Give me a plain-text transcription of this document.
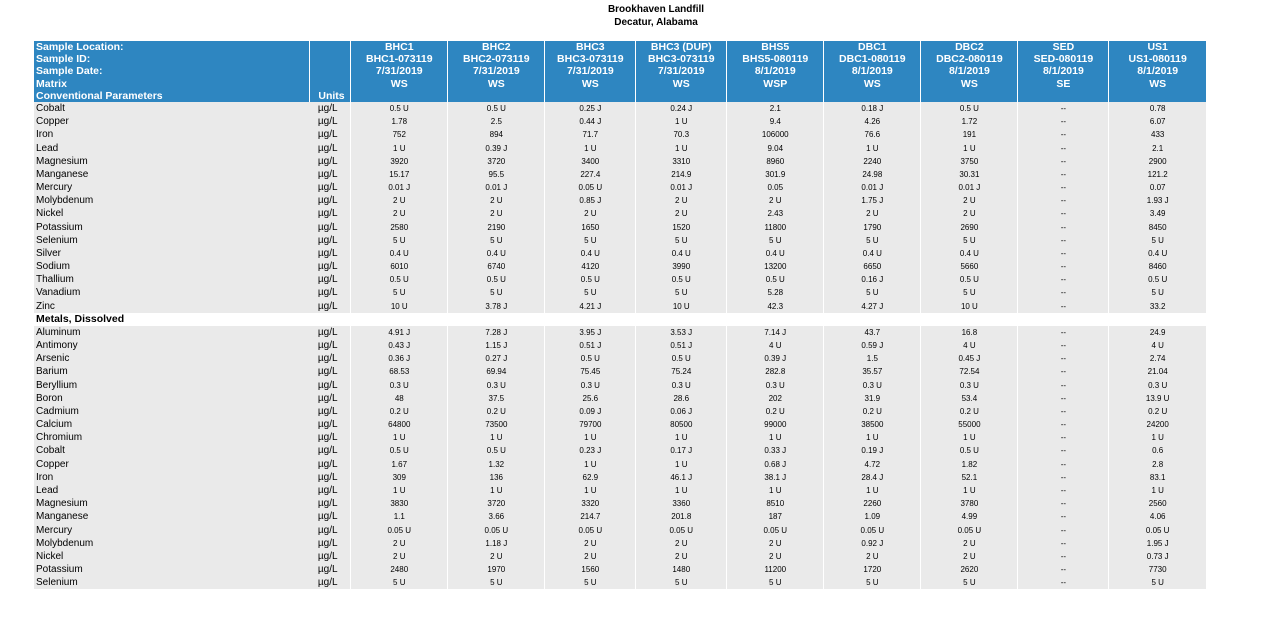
Brookhaven Landfill
Decatur, Alabama
Sample Location:		BHC1	BHC2	BHC3	BHC3 (DUP)	BHS5	DBC1	DBC2	SED	US1
Sample ID:		BHC1-073119	BHC2-073119	BHC3-073119	BHC3-073119	BHS5-080119	DBC1-080119	DBC2-080119	SED-080119	US1-080119
Sample Date:		7/31/2019	7/31/2019	7/31/2019	7/31/2019	8/1/2019	8/1/2019	8/1/2019	8/1/2019	8/1/2019
Matrix		WS	WS	WS	WS	WSP	WS	WS	SE	WS
Conventional Parameters	Units									
Cobalt	µg/L	0.5 U	0.5 U	0.25 J	0.24 J	2.1	0.18 J	0.5 U	--	0.78
Copper	µg/L	1.78	2.5	0.44 J	1 U	9.4	4.26	1.72	--	6.07
Iron	µg/L	752	894	71.7	70.3	106000	76.6	191	--	433
Lead	µg/L	1 U	0.39 J	1 U	1 U	9.04	1 U	1 U	--	2.1
Magnesium	µg/L	3920	3720	3400	3310	8960	2240	3750	--	2900
Manganese	µg/L	15.17	95.5	227.4	214.9	301.9	24.98	30.31	--	121.2
Mercury	µg/L	0.01 J	0.01 J	0.05 U	0.01 J	0.05	0.01 J	0.01 J	--	0.07
Molybdenum	µg/L	2 U	2 U	0.85 J	2 U	2 U	1.75 J	2 U	--	1.93 J
Nickel	µg/L	2 U	2 U	2 U	2 U	2.43	2 U	2 U	--	3.49
Potassium	µg/L	2580	2190	1650	1520	11800	1790	2690	--	8450
Selenium	µg/L	5 U	5 U	5 U	5 U	5 U	5 U	5 U	--	5 U
Silver	µg/L	0.4 U	0.4 U	0.4 U	0.4 U	0.4 U	0.4 U	0.4 U	--	0.4 U
Sodium	µg/L	6010	6740	4120	3990	13200	6650	5660	--	8460
Thallium	µg/L	0.5 U	0.5 U	0.5 U	0.5 U	0.5 U	0.16 J	0.5 U	--	0.5 U
Vanadium	µg/L	5 U	5 U	5 U	5 U	5.28	5 U	5 U	--	5 U
Zinc	µg/L	10 U	3.78 J	4.21 J	10 U	42.3	4.27 J	10 U	--	33.2
Metals, Dissolved										
Aluminum	µg/L	4.91 J	7.28 J	3.95 J	3.53 J	7.14 J	43.7	16.8	--	24.9
Antimony	µg/L	0.43 J	1.15 J	0.51 J	0.51 J	4 U	0.59 J	4 U	--	4 U
Arsenic	µg/L	0.36 J	0.27 J	0.5 U	0.5 U	0.39 J	1.5	0.45 J	--	2.74
Barium	µg/L	68.53	69.94	75.45	75.24	282.8	35.57	72.54	--	21.04
Beryllium	µg/L	0.3 U	0.3 U	0.3 U	0.3 U	0.3 U	0.3 U	0.3 U	--	0.3 U
Boron	µg/L	48	37.5	25.6	28.6	202	31.9	53.4	--	13.9 U
Cadmium	µg/L	0.2 U	0.2 U	0.09 J	0.06 J	0.2 U	0.2 U	0.2 U	--	0.2 U
Calcium	µg/L	64800	73500	79700	80500	99000	38500	55000	--	24200
Chromium	µg/L	1 U	1 U	1 U	1 U	1 U	1 U	1 U	--	1 U
Cobalt	µg/L	0.5 U	0.5 U	0.23 J	0.17 J	0.33 J	0.19 J	0.5 U	--	0.6
Copper	µg/L	1.67	1.32	1 U	1 U	0.68 J	4.72	1.82	--	2.8
Iron	µg/L	309	136	62.9	46.1 J	38.1 J	28.4 J	52.1	--	83.1
Lead	µg/L	1 U	1 U	1 U	1 U	1 U	1 U	1 U	--	1 U
Magnesium	µg/L	3830	3720	3320	3360	8510	2260	3780	--	2560
Manganese	µg/L	1.1	3.66	214.7	201.8	187	1.09	4.99	--	4.06
Mercury	µg/L	0.05 U	0.05 U	0.05 U	0.05 U	0.05 U	0.05 U	0.05 U	--	0.05 U
Molybdenum	µg/L	2 U	1.18 J	2 U	2 U	2 U	0.92 J	2 U	--	1.95 J
Nickel	µg/L	2 U	2 U	2 U	2 U	2 U	2 U	2 U	--	0.73 J
Potassium	µg/L	2480	1970	1560	1480	11200	1720	2620	--	7730
Selenium	µg/L	5 U	5 U	5 U	5 U	5 U	5 U	5 U	--	5 U
